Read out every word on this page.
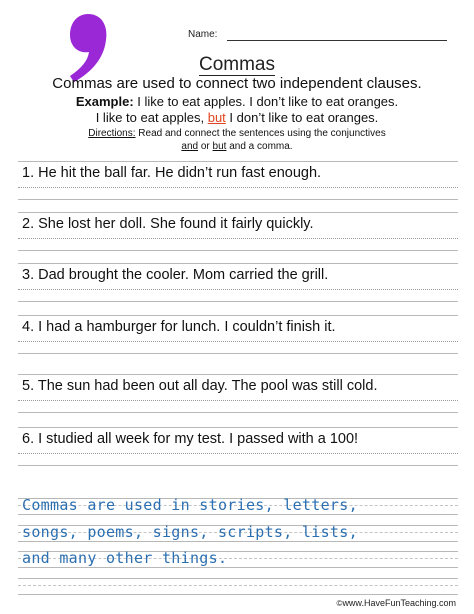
Name:
Commas
Commas are used to connect two independent clauses.
Example: I like to eat apples. I don’t like to eat oranges.
I like to eat apples, but I don’t like to eat oranges.
Directions: Read and connect the sentences using the conjunctives
and or but and a comma.
1. He hit the ball far. He didn’t run fast enough.
2. She lost her doll. She found it fairly quickly.
3. Dad brought the cooler. Mom carried the grill.
4. I had a hamburger for lunch. I couldn’t finish it.
5. The sun had been out all day. The pool was still cold.
6. I studied all week for my test. I passed with a 100!
Commas are used in stories, letters,
songs, poems, signs, scripts, lists,
and many other things.
©www.HaveFunTeaching.com
